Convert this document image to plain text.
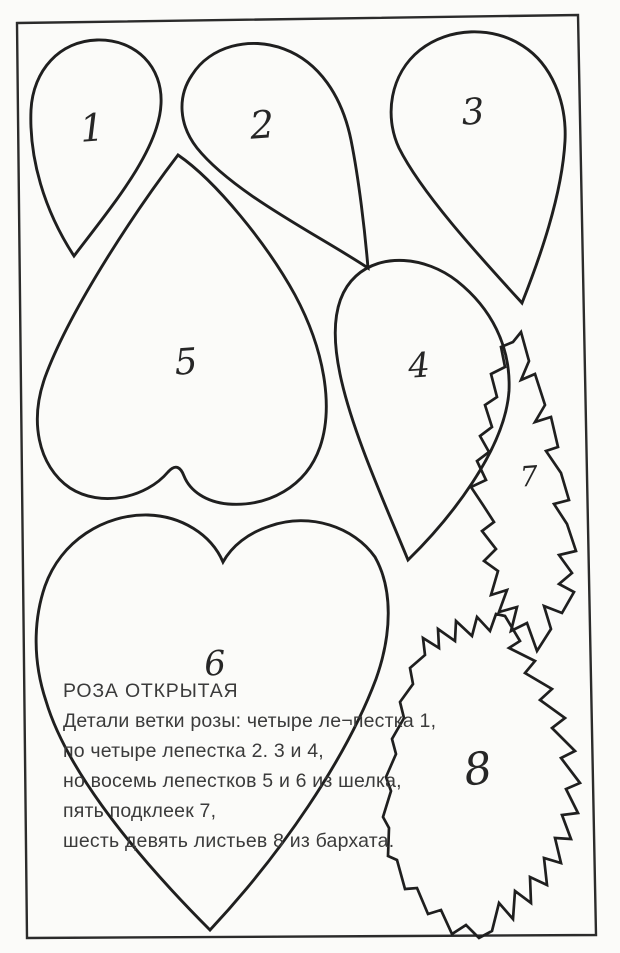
1	2	3
4
5
6
7
8
РОЗА ОТКРЫТАЯ
Детали ветки розы: четыре ле¬пестка 1,
по четыре лепестка 2. 3 и 4,
но восемь лепестков 5 и 6 из шелка,
пять подклеек 7,
шесть девять листьев 8 из бархата.
